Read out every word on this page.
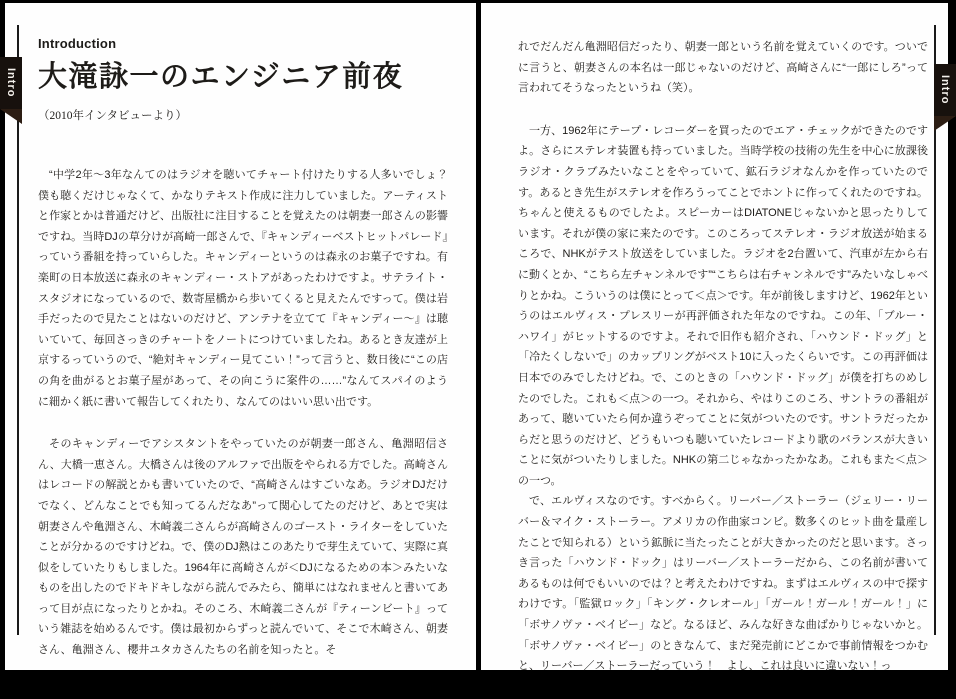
Introduction
大滝詠一のエンジニア前夜
（2010年インタビューより）

“中学2年〜3年なんてのはラジオを聴いてチャート付けたりする人多いでしょ？　僕も聴くだけじゃなくて、かなりテキスト作成に注力していました。アーティストと作家とかは普通だけど、出版社に注目することを覚えたのは朝妻一郎さんの影響ですね。当時DJの草分けが高崎一郎さんで、『キャンディーベストヒットパレード』っていう番組を持っていらした。キャンディーというのは森永のお菓子ですね。有楽町の日本放送に森永のキャンディー・ストアがあったわけですよ。サテライト・スタジオになっているので、数寄屋橋から歩いてくると見えたんですって。僕は岩手だったので見たことはないのだけど、アンテナを立てて『キャンディー〜』は聴いていて、毎回さっきのチャートをノートにつけていましたね。あるとき友達が上京するっていうので、“絶対キャンディー見てこい！”って言うと、数日後に“この店の角を曲がるとお菓子屋があって、その向こうに案件の……”なんてスパイのように細かく紙に書いて報告してくれたり、なんてのはいい思い出です。

そのキャンディーでアシスタントをやっていたのが朝妻一郎さん、亀淵昭信さん、大橋一恵さん。大橋さんは後のアルファで出版をやられる方でした。高崎さんはレコードの解説とかも書いていたので、“高崎さんはすごいなあ。ラジオDJだけでなく、どんなことでも知ってるんだなあ”って関心してたのだけど、あとで実は朝妻さんや亀淵さん、木崎義二さんらが高崎さんのゴースト・ライターをしていたことが分かるのですけどね。で、僕のDJ熱はこのあたりで芽生えていて、実際に真似をしていたりもしました。1964年に高崎さんが＜DJになるための本＞みたいなものを出したのでドキドキしながら読んでみたら、簡単にはなれませんと書いてあって目が点になったりとかね。そのころ、木崎義二さんが『ティーンビート』っていう雑誌を始めるんです。僕は最初からずっと読んでいて、そこで木崎さん、朝妻さん、亀淵さん、櫻井ユタカさんたちの名前を知ったと。そ

れでだんだん亀淵昭信だったり、朝妻一郎という名前を覚えていくのです。ついでに言うと、朝妻さんの本名は一郎じゃないのだけど、高崎さんに“一郎にしろ”って言われてそうなったというね（笑）。

一方、1962年にテープ・レコーダーを買ったのでエア・チェックができたのですよ。さらにステレオ装置も持っていました。当時学校の技術の先生を中心に放課後ラジオ・クラブみたいなことをやっていて、鉱石ラジオなんかを作っていたのです。あるとき先生がステレオを作ろうってことでホントに作ってくれたのですね。ちゃんと使えるものでしたよ。スピーカーはDIATONEじゃないかと思ったりしています。それが僕の家に来たのです。このころってステレオ・ラジオ放送が始まるころで、NHKがテスト放送をしていました。ラジオを2台置いて、汽車が左から右に動くとか、“こちら左チャンネルです”“こちらは右チャンネルです”みたいなしゃべりとかね。こういうのは僕にとって＜点＞です。年が前後しますけど、1962年というのはエルヴィス・プレスリーが再評価された年なのですね。この年、「ブルー・ハワイ」がヒットするのですよ。それで旧作も紹介され、「ハウンド・ドッグ」と「冷たくしないで」のカップリングがベスト10に入ったくらいです。この再評価は日本でのみでしたけどね。で、このときの「ハウンド・ドッグ」が僕を打ちのめしたのでした。これも＜点＞の一つ。それから、やはりこのころ、サントラの番組があって、聴いていたら何か違うぞってことに気がついたのです。サントラだったからだと思うのだけど、どうもいつも聴いていたレコードより歌のバランスが大きいことに気がついたりしました。NHKの第二じゃなかったかなあ。これもまた＜点＞の一つ。

で、エルヴィスなのです。すべからく。リーバー／ストーラー（ジェリー・リーバー＆マイク・ストーラー。アメリカの作曲家コンビ。数多くのヒット曲を量産したことで知られる）という鉱脈に当たったことが大きかったのだと思います。さっき言った「ハウンド・ドック」はリーバー／ストーラーだから、この名前が書いてあるものは何でもいいのでは？と考えたわけですね。まずはエルヴィスの中で探すわけです。「監獄ロック」「キング・クレオール」「ガール！ガール！ガール！」に「ボサノヴァ・ベイビー」など。なるほど、みんな好きな曲ばかりじゃないかと。「ボサノヴァ・ベイビー」のときなんて、まだ発売前にどこかで事前情報をつかむと、リーバー／ストーラーだっていう！　よし、これは良いに違いない！っ

Intro	Intro
